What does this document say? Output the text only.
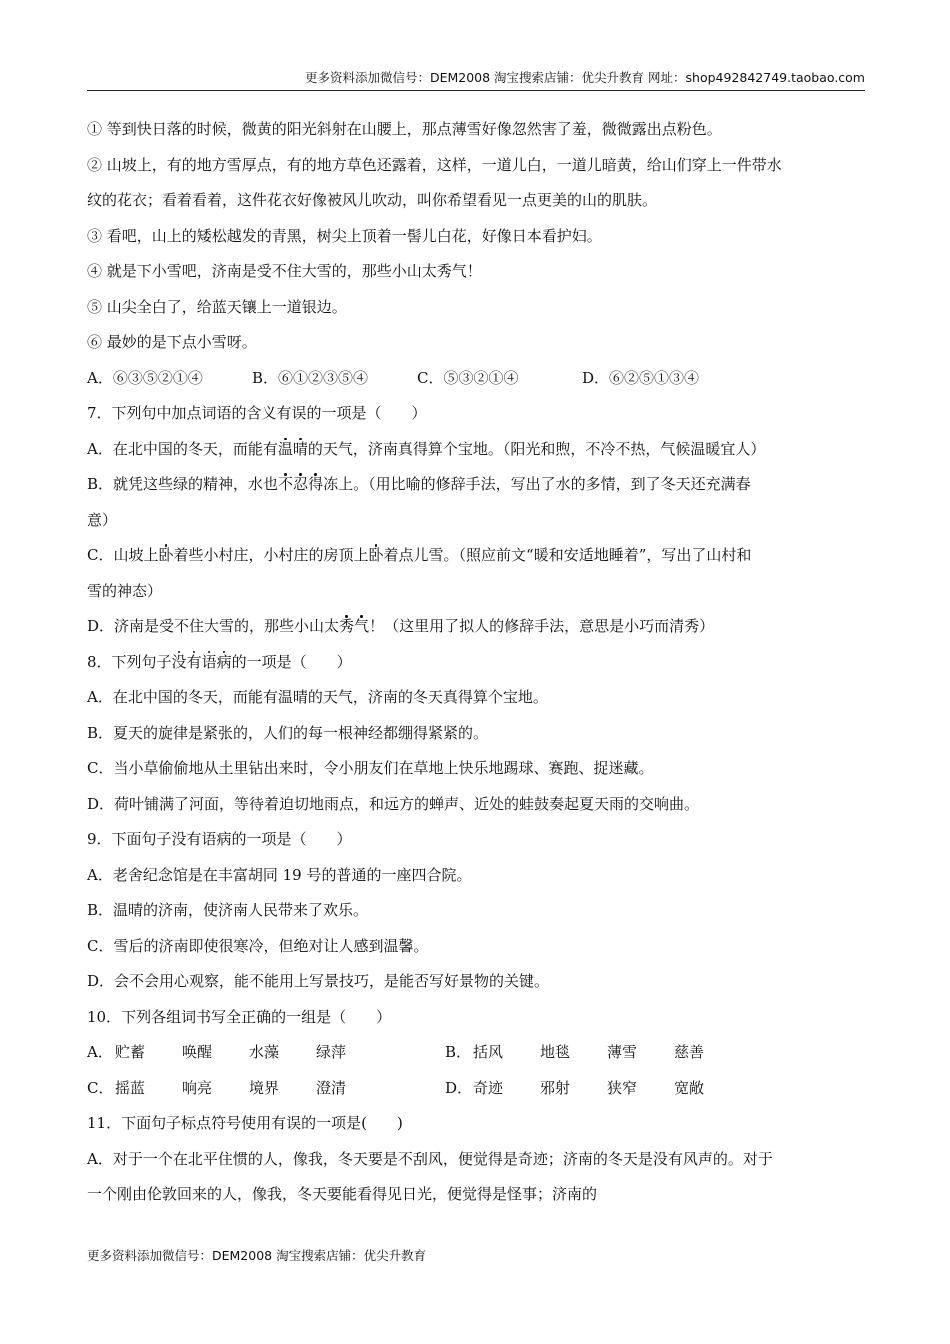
更多资料添加微信号：DEM2008 淘宝搜索店铺：优尖升教育 网址：shop492842749.taobao.com
① 等到快日落的时候，微黄的阳光斜射在山腰上，那点薄雪好像忽然害了羞，微微露出点粉色。
② 山坡上，有的地方雪厚点，有的地方草色还露着，这样，一道儿白，一道儿暗黄，给山们穿上一件带水
纹的花衣；看着看着，这件花衣好像被风儿吹动，叫你希望看见一点更美的山的肌肤。
③ 看吧，山上的矮松越发的青黑，树尖上顶着一髻儿白花，好像日本看护妇。
④ 就是下小雪吧，济南是受不住大雪的，那些小山太秀气！
⑤ 山尖全白了，给蓝天镶上一道银边。
⑥ 最妙的是下点小雪呀。
A．⑥③⑤②①④	B．⑥①②③⑤④	C．⑤③②①④	D．⑥②⑤①③④
7．下列句中加点词语的含义有误的一项是（　　）
A．在北中国的冬天，而能有温晴的天气，济南真得算个宝地。（阳光和煦，不冷不热，气候温暖宜人）
B．就凭这些绿的精神，水也不忍得冻上。（用比喻的修辞手法，写出了水的多情，到了冬天还充满春
意）
C．山坡上卧着些小村庄，小村庄的房顶上卧着点儿雪。（照应前文“暖和安适地睡着”，写出了山村和
雪的神态）
D．济南是受不住大雪的，那些小山太秀气！（这里用了拟人的修辞手法，意思是小巧而清秀）
8．下列句子没有语病的一项是（　　）
A．在北中国的冬天，而能有温晴的天气，济南的冬天真得算个宝地。
B．夏天的旋律是紧张的，人们的每一根神经都绷得紧紧的。
C．当小草偷偷地从土里钻出来时，令小朋友们在草地上快乐地踢球、赛跑、捉迷藏。
D．荷叶铺满了河面，等待着迫切地雨点，和远方的蝉声、近处的蛙鼓奏起夏天雨的交响曲。
9．下面句子没有语病的一项是（　　）
A．老舍纪念馆是在丰富胡同 19 号的普通的一座四合院。
B．温晴的济南，使济南人民带来了欢乐。
C．雪后的济南即使很寒冷，但绝对让人感到温馨。
D．会不会用心观察，能不能用上写景技巧，是能否写好景物的关键。
10．下列各组词书写全正确的一组是（　　）
A． 贮蓄	唤醒	水藻	绿萍	B． 括风	地毯	薄雪	慈善
C． 摇蓝	响亮	境界	澄清	D． 奇迹	邪射	狭窄	宽敞
11．下面句子标点符号使用有误的一项是(　　)
A．对于一个在北平住惯的人，像我，冬天要是不刮风，便觉得是奇迹；济南的冬天是没有风声的。对于
一个刚由伦敦回来的人，像我，冬天要能看得见日光，便觉得是怪事；济南的
更多资料添加微信号：DEM2008 淘宝搜索店铺：优尖升教育
